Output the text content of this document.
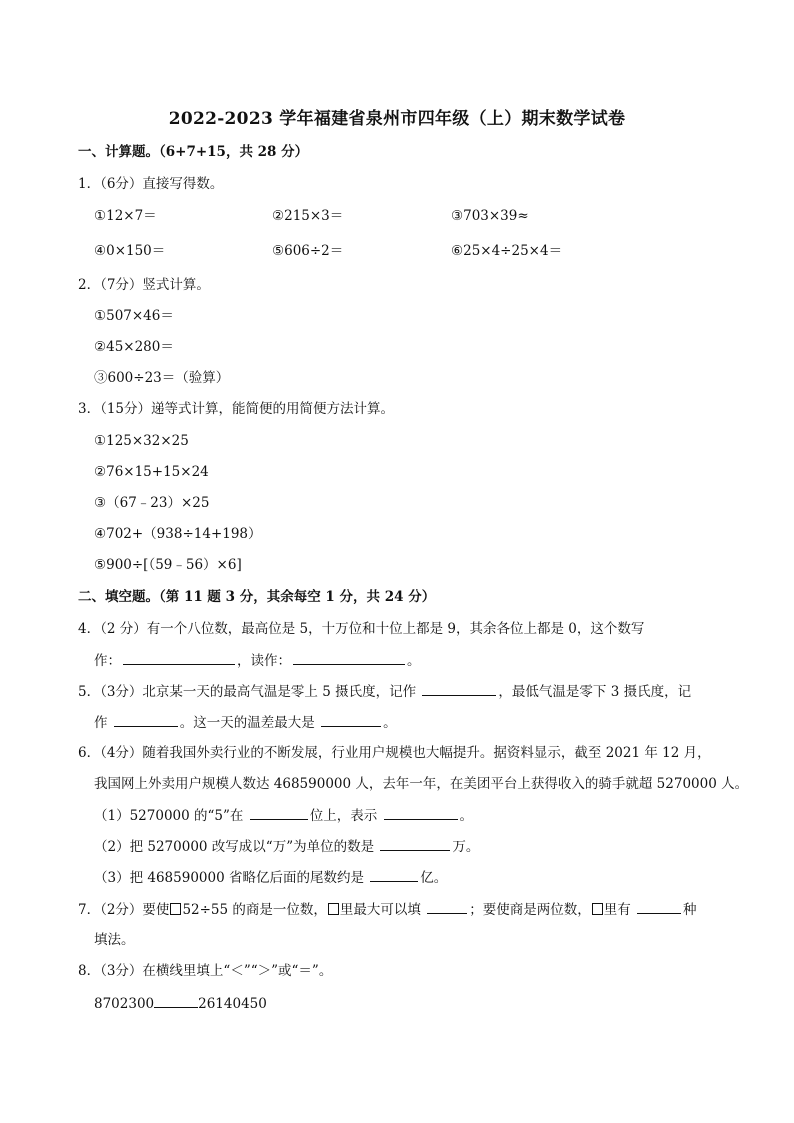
2022-2023 学年福建省泉州市四年级（上）期末数学试卷
一、计算题。（6+7+15，共 28 分）
1．（6分）直接写得数。
①12×7＝	②215×3＝	③703×39≈
④0×150＝	⑤606÷2＝	⑥25×4÷25×4＝
2．（7分）竖式计算。
①507×46＝
②45×280＝
③600÷23＝（验算）
3．（15分）递等式计算，能简便的用简便方法计算。
①125×32×25
②76×15+15×24
③（67﹣23）×25
④702+（938÷14+198）
⑤900÷[（59﹣56）×6]
二、填空题。（第 11 题 3 分，其余每空 1 分，共 24 分）
4．（2 分）有一个八位数，最高位是 5，十万位和十位上都是 9，其余各位上都是 0，这个数写
作：	，读作：	。
5．（3分）北京某一天的最高气温是零上 5 摄氏度，记作	，最低气温是零下 3 摄氏度，记
作	。这一天的温差最大是	。
6．（4分）随着我国外卖行业的不断发展，行业用户规模也大幅提升。据资料显示，截至 2021 年 12 月，
我国网上外卖用户规模人数达 468590000 人，去年一年，在美团平台上获得收入的骑手就超 5270000 人。
（1）5270000 的“5”在	位上，表示	。
（2）把 5270000 改写成以“万”为单位的数是	万。
（3）把 468590000 省略亿后面的尾数约是	亿。
7．（2分）要使 52÷55 的商是一位数， 里最大可以填	；要使商是两位数， 里有	种
填法。
8．（3分）在横线里填上“＜”“＞”或“＝”。
8702300	26140450
